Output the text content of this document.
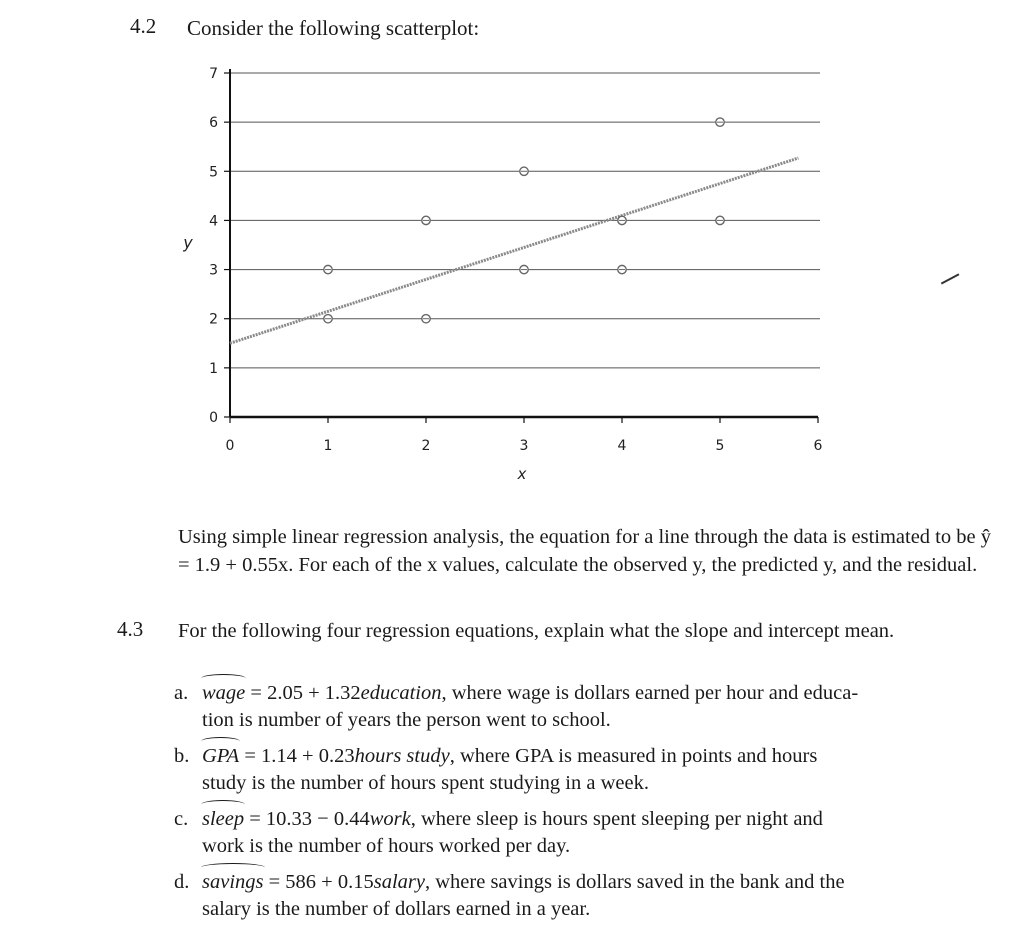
4.2 Consider the following scatterplot:
0
1
2
3
4
5
6
7
0	1	2	3	4	5	6
x
y
Using simple linear regression analysis, the equation for a line through the data is estimated to be ŷ = 1.9 + 0.55x. For each of the x values, calculate the observed y, the predicted y, and the residual.
4.3 For the following four regression equations, explain what the slope and intercept mean.
a. wage = 2.05 + 1.32education, where wage is dollars earned per hour and educa-
tion is number of years the person went to school.
b. GPA = 1.14 + 0.23hours study, where GPA is measured in points and hours
study is the number of hours spent studying in a week.
c. sleep = 10.33 − 0.44work, where sleep is hours spent sleeping per night and
work is the number of hours worked per day.
d. savings = 586 + 0.15salary, where savings is dollars saved in the bank and the
salary is the number of dollars earned in a year.
